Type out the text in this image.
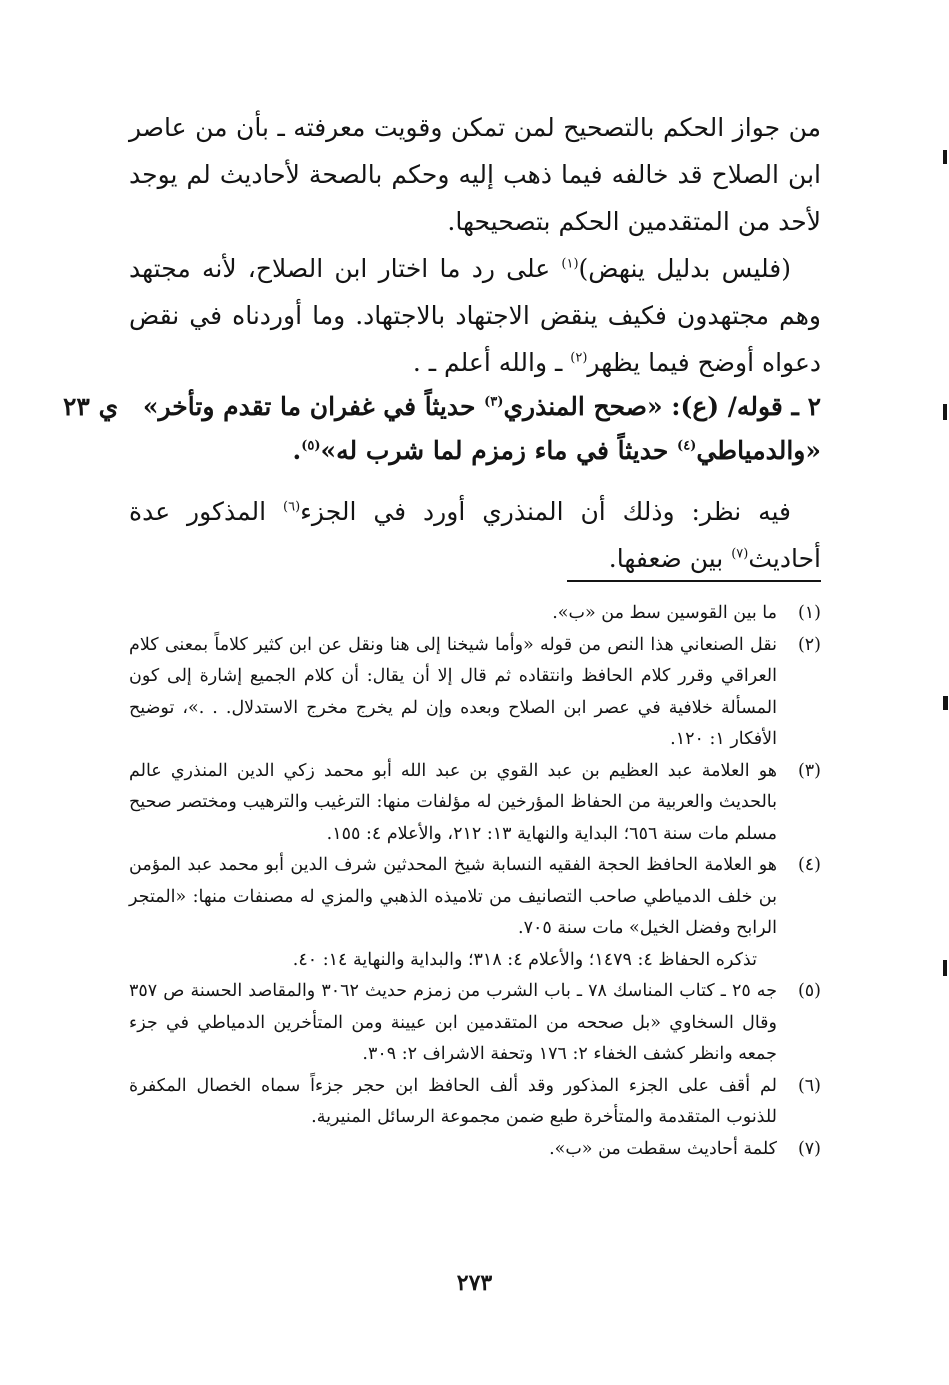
من جواز الحكم بالتصحيح لمن تمكن وقويت معرفته ـ بأن من عاصر ابن الصلاح قد خالفه فيما ذهب إليه وحكم بالصحة لأحاديث لم يوجد لأحد من المتقدمين الحكم بتصحيحها.

(فليس بدليل ينهض)$^{(١)}$ على رد ما اختار ابن الصلاح، لأنه مجتهد وهم مجتهدون فكيف ينقض الاجتهاد بالاجتهاد. وما أوردناه في نقض دعواه أوضح فيما يظهر$^{(٢)}$ ـ والله أعلم ـ .

٢ ـ قوله/ (ع): «صحح المنذري$^{(٣)}$ حديثاً في غفران ما تقدم وتأخر»
«والدمياطي$^{(٤)}$ حديثاً في ماء زمزم لما شرب له»$^{(٥)}$.
ي ٢٣

فيه نظر: وذلك أن المنذري أورد في الجزء$^{(٦)}$ المذكور عدة أحاديث$^{(٧)}$ بين ضعفها.

(١)
ما بين القوسين سط من «ب».
(٢)
نقل الصنعاني هذا النص من قوله «وأما شيخنا إلى هنا ونقل عن ابن كثير كلاماً بمعنى كلام العراقي وقرر كلام الحافظ وانتقاده ثم قال إلا أن يقال: أن كلام الجميع إشارة إلى كون المسألة خلافية في عصر ابن الصلاح وبعده وإن لم يخرج مخرج الاستدلال. . .»، توضيح الأفكار ١: ١٢٠.
(٣)
هو العلامة عبد العظيم بن عبد القوي بن عبد الله أبو محمد زكي الدين المنذري عالم بالحديث والعربية من الحفاظ المؤرخين له مؤلفات منها: الترغيب والترهيب ومختصر صحيح مسلم مات سنة ٦٥٦؛ البداية والنهاية ١٣: ٢١٢، والأعلام ٤: ١٥٥.
(٤)
هو العلامة الحافظ الحجة الفقيه النسابة شيخ المحدثين شرف الدين أبو محمد عبد المؤمن بن خلف الدمياطي صاحب التصانيف من تلاميذه الذهبي والمزي له مصنفات منها: «المتجر الرابح وفضل الخيل» مات سنة ٧٠٥.
تذكره الحفاظ ٤: ١٤٧٩؛ والأعلام ٤: ٣١٨؛ والبداية والنهاية ١٤: ٤٠.
(٥)
جه ٢٥ ـ كتاب المناسك ٧٨ ـ باب الشرب من زمزم حديث ٣٠٦٢ والمقاصد الحسنة ص ٣٥٧ وقال السخاوي «بل صححه من المتقدمين ابن عيينة ومن المتأخرين الدمياطي في جزء جمعه وانظر كشف الخفاء ٢: ١٧٦ وتحفة الاشراف ٢: ٣٠٩.
(٦)
لم أقف على الجزء المذكور وقد ألف الحافظ ابن حجر جزءاً سماه الخصال المكفرة للذنوب المتقدمة والمتأخرة طبع ضمن مجموعة الرسائل المنيرية.
(٧)
كلمة أحاديث سقطت من «ب».
٢٧٣
